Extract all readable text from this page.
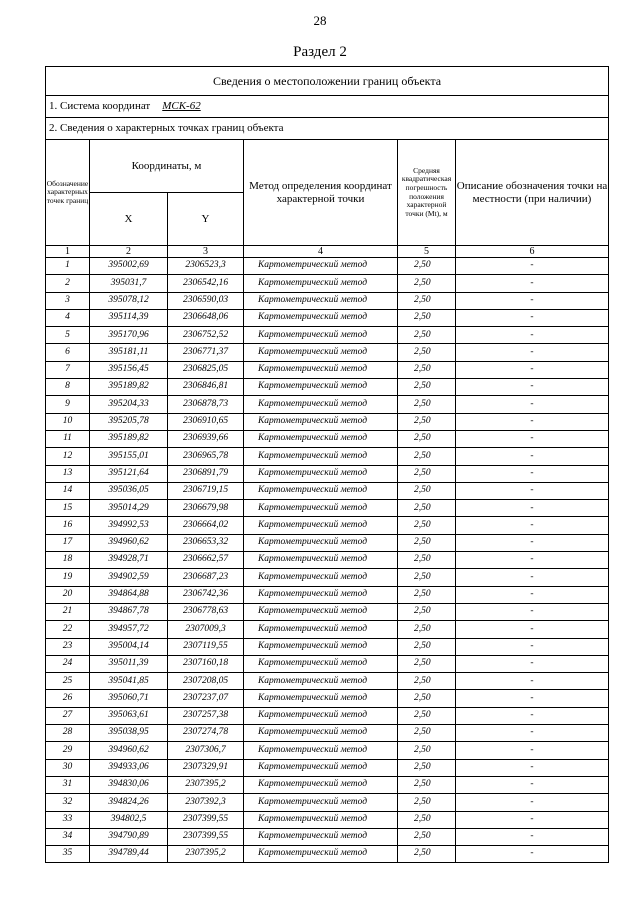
28
Раздел 2
Сведения о местоположении границ объекта					
1. Система координат МСК-62					
2. Сведения о характерных точках границ объекта					
Обозначение характерных точек границ	Координаты, м		Метод определения координат характерной точки	Средняя квадратическая погрешность положения характерной точки (Mt), м	Описание обозначения точки на местности (при наличии)
	X	Y			
1	2	3	4	5	6
1	395002,69	2306523,3	Картометрический метод	2,50	-
2	395031,7	2306542,16	Картометрический метод	2,50	-
3	395078,12	2306590,03	Картометрический метод	2,50	-
4	395114,39	2306648,06	Картометрический метод	2,50	-
5	395170,96	2306752,52	Картометрический метод	2,50	-
6	395181,11	2306771,37	Картометрический метод	2,50	-
7	395156,45	2306825,05	Картометрический метод	2,50	-
8	395189,82	2306846,81	Картометрический метод	2,50	-
9	395204,33	2306878,73	Картометрический метод	2,50	-
10	395205,78	2306910,65	Картометрический метод	2,50	-
11	395189,82	2306939,66	Картометрический метод	2,50	-
12	395155,01	2306965,78	Картометрический метод	2,50	-
13	395121,64	2306891,79	Картометрический метод	2,50	-
14	395036,05	2306719,15	Картометрический метод	2,50	-
15	395014,29	2306679,98	Картометрический метод	2,50	-
16	394992,53	2306664,02	Картометрический метод	2,50	-
17	394960,62	2306653,32	Картометрический метод	2,50	-
18	394928,71	2306662,57	Картометрический метод	2,50	-
19	394902,59	2306687,23	Картометрический метод	2,50	-
20	394864,88	2306742,36	Картометрический метод	2,50	-
21	394867,78	2306778,63	Картометрический метод	2,50	-
22	394957,72	2307009,3	Картометрический метод	2,50	-
23	395004,14	2307119,55	Картометрический метод	2,50	-
24	395011,39	2307160,18	Картометрический метод	2,50	-
25	395041,85	2307208,05	Картометрический метод	2,50	-
26	395060,71	2307237,07	Картометрический метод	2,50	-
27	395063,61	2307257,38	Картометрический метод	2,50	-
28	395038,95	2307274,78	Картометрический метод	2,50	-
29	394960,62	2307306,7	Картометрический метод	2,50	-
30	394933,06	2307329,91	Картометрический метод	2,50	-
31	394830,06	2307395,2	Картометрический метод	2,50	-
32	394824,26	2307392,3	Картометрический метод	2,50	-
33	394802,5	2307399,55	Картометрический метод	2,50	-
34	394790,89	2307399,55	Картометрический метод	2,50	-
35	394789,44	2307395,2	Картометрический метод	2,50	-
